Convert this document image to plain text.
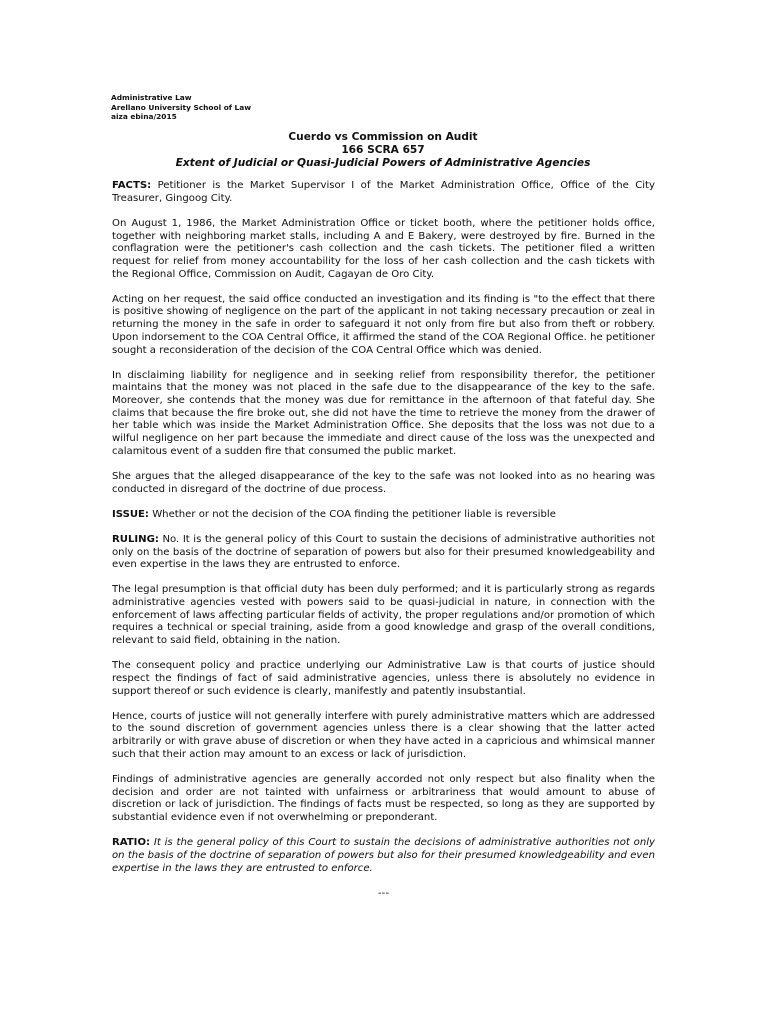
Administrative Law
Arellano University School of Law
aiza ebina/2015
Cuerdo vs Commission on Audit
166 SCRA 657
Extent of Judicial or Quasi-Judicial Powers of Administrative Agencies

FACTS: Petitioner is the Market Supervisor I of the Market Administration Office, Office of the City Treasurer, Gingoog City.

On August 1, 1986, the Market Administration Office or ticket booth, where the petitioner holds office, together with neighboring market stalls, including A and E Bakery, were destroyed by fire. Burned in the conflagration were the petitioner's cash collection and the cash tickets. The petitioner filed a written request for relief from money accountability for the loss of her cash collection and the cash tickets with the Regional Office, Commission on Audit, Cagayan de Oro City.

Acting on her request, the said office conducted an investigation and its finding is "to the effect that there is positive showing of negligence on the part of the applicant in not taking necessary precaution or zeal in returning the money in the safe in order to safeguard it not only from fire but also from theft or robbery. Upon indorsement to the COA Central Office, it affirmed the stand of the COA Regional Office. he petitioner sought a reconsideration of the decision of the COA Central Office which was denied.

In disclaiming liability for negligence and in seeking relief from responsibility therefor, the petitioner maintains that the money was not placed in the safe due to the disappearance of the key to the safe. Moreover, she contends that the money was due for remittance in the afternoon of that fateful day. She claims that because the fire broke out, she did not have the time to retrieve the money from the drawer of her table which was inside the Market Administration Office. She deposits that the loss was not due to a wilful negligence on her part because the immediate and direct cause of the loss was the unexpected and calamitous event of a sudden fire that consumed the public market.

She argues that the alleged disappearance of the key to the safe was not looked into as no hearing was conducted in disregard of the doctrine of due process.

ISSUE: Whether or not the decision of the COA finding the petitioner liable is reversible

RULING: No. It is the general policy of this Court to sustain the decisions of administrative authorities not only on the basis of the doctrine of separation of powers but also for their presumed knowledgeability and even expertise in the laws they are entrusted to enforce.

The legal presumption is that official duty has been duly performed; and it is particularly strong as regards administrative agencies vested with powers said to be quasi-judicial in nature, in connection with the enforcement of laws affecting particular fields of activity, the proper regulations and/or promotion of which requires a technical or special training, aside from a good knowledge and grasp of the overall conditions, relevant to said field, obtaining in the nation.

The consequent policy and practice underlying our Administrative Law is that courts of justice should respect the findings of fact of said administrative agencies, unless there is absolutely no evidence in support thereof or such evidence is clearly, manifestly and patently insubstantial.

Hence, courts of justice will not generally interfere with purely administrative matters which are addressed to the sound discretion of government agencies unless there is a clear showing that the latter acted arbitrarily or with grave abuse of discretion or when they have acted in a capricious and whimsical manner such that their action may amount to an excess or lack of jurisdiction.

Findings of administrative agencies are generally accorded not only respect but also finality when the decision and order are not tainted with unfairness or arbitrariness that would amount to abuse of discretion or lack of jurisdiction. The findings of facts must be respected, so long as they are supported by substantial evidence even if not overwhelming or preponderant.

RATIO: It is the general policy of this Court to sustain the decisions of administrative authorities not only on the basis of the doctrine of separation of powers but also for their presumed knowledgeability and even expertise in the laws they are entrusted to enforce.

---
